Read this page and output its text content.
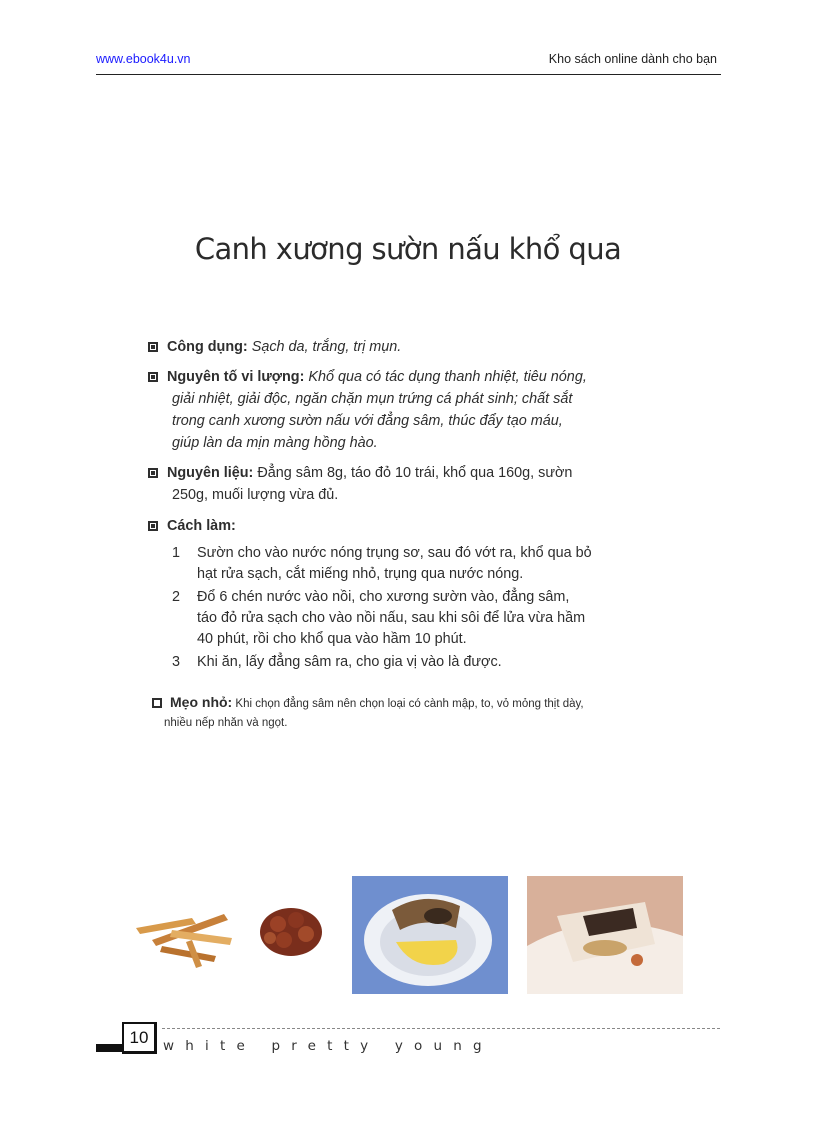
www.ebook4u.vn	Kho sách online dành cho bạn
Canh xương sườn nấu khổ qua
Công dụng: Sạch da, trắng, trị mụn.
Nguyên tố vi lượng: Khổ qua có tác dụng thanh nhiệt, tiêu nóng,
giải nhiệt, giải độc, ngăn chặn mụn trứng cá phát sinh; chất sắt
trong canh xương sườn nấu với đẳng sâm, thúc đẩy tạo máu,
giúp làn da mịn màng hồng hào.
Nguyên liệu: Đẳng sâm 8g, táo đỏ 10 trái, khổ qua 160g, sườn
250g, muối lượng vừa đủ.
Cách làm:
1 Sườn cho vào nước nóng trụng sơ, sau đó vớt ra, khổ qua bỏ
hạt rửa sạch, cắt miếng nhỏ, trụng qua nước nóng.
2 Đổ 6 chén nước vào nồi, cho xương sườn vào, đẳng sâm,
táo đỏ rửa sạch cho vào nồi nấu, sau khi sôi để lửa vừa hầm
40 phút, rồi cho khổ qua vào hầm 10 phút.
3 Khi ăn, lấy đẳng sâm ra, cho gia vị vào là được.
Mẹo nhỏ: Khi chọn đẳng sâm nên chọn loại có cành mập, to, vỏ mỏng thịt dày,
nhiều nếp nhăn và ngọt.
10	white pretty young
